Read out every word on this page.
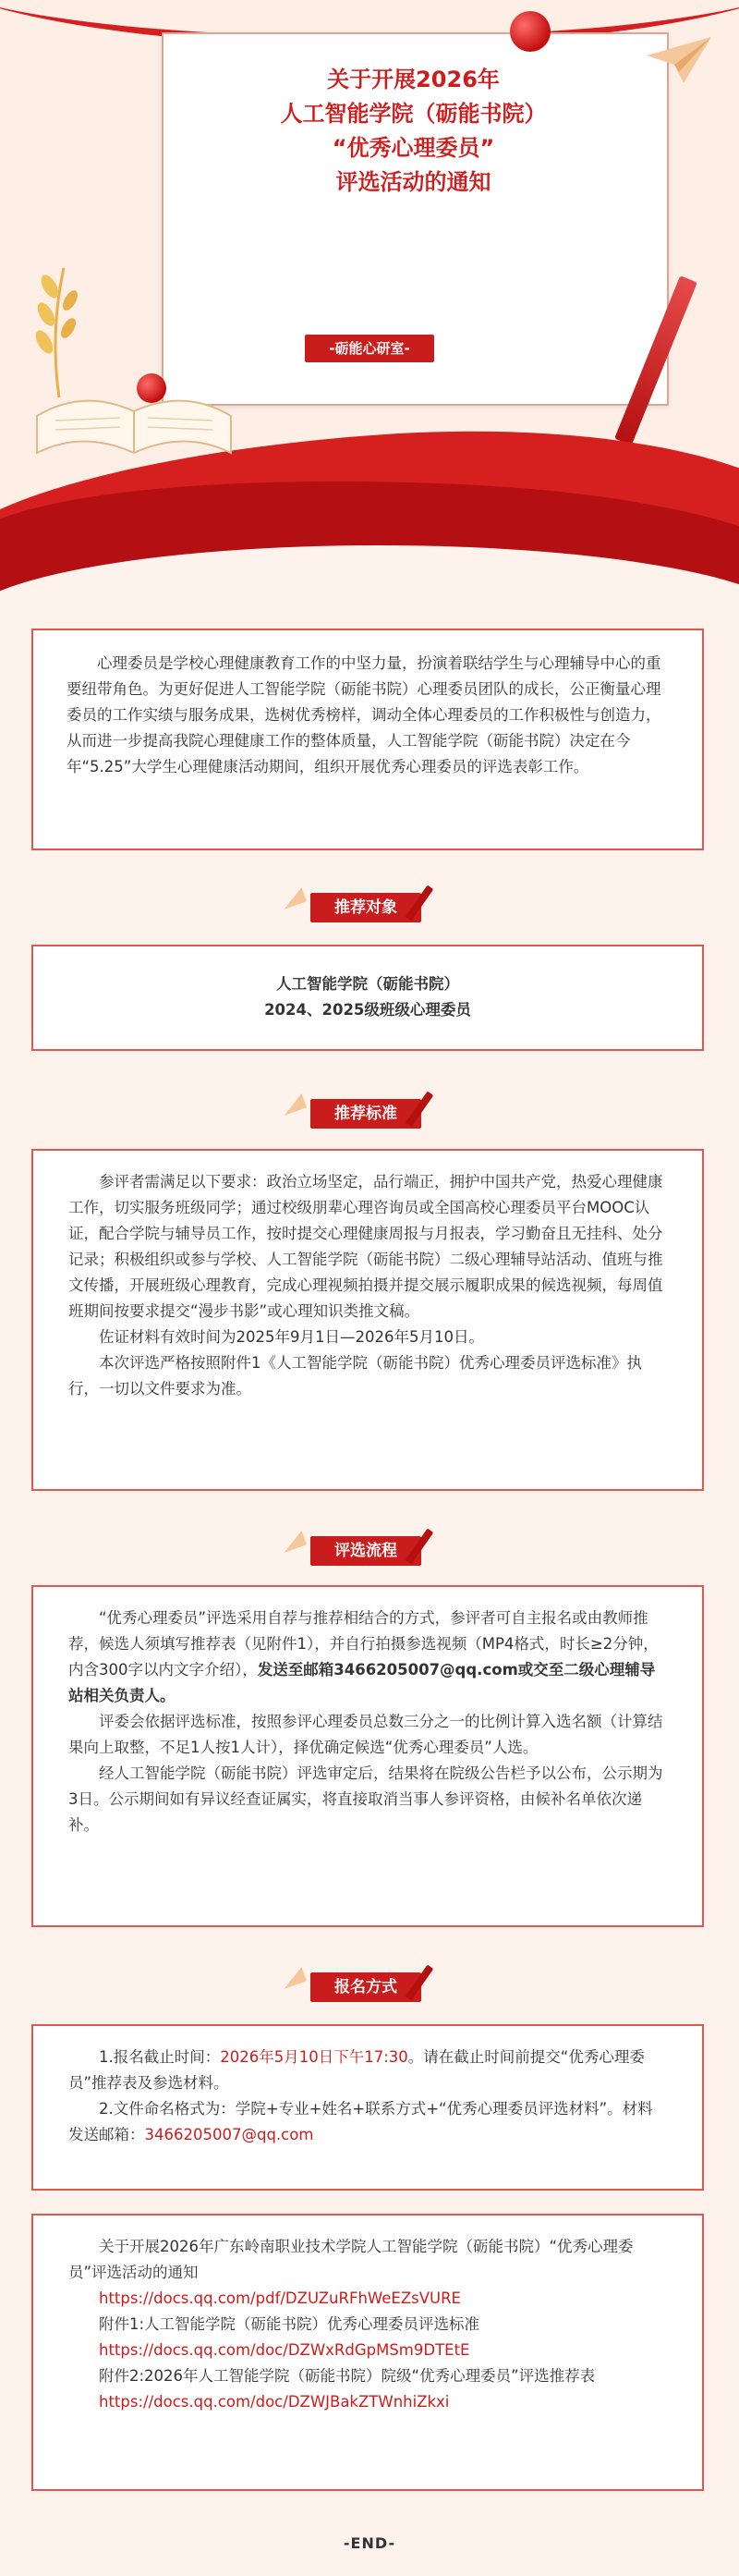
关于开展2026年
人工智能学院（砺能书院）
“优秀心理委员”
评选活动的通知
-砺能心研室-

心理委员是学校心理健康教育工作的中坚力量，扮演着联结学生与心理辅导中心的重要纽带角色。为更好促进人工智能学院（砺能书院）心理委员团队的成长，公正衡量心理委员的工作实绩与服务成果，选树优秀榜样，调动全体心理委员的工作积极性与创造力，从而进一步提高我院心理健康工作的整体质量，人工智能学院（砺能书院）决定在今年“5.25”大学生心理健康活动期间，组织开展优秀心理委员的评选表彰工作。

推荐对象

人工智能学院（砺能书院）

2024、2025级班级心理委员

推荐标准

参评者需满足以下要求：政治立场坚定，品行端正，拥护中国共产党，热爱心理健康工作，切实服务班级同学；通过校级朋辈心理咨询员或全国高校心理委员平台MOOC认证，配合学院与辅导员工作，按时提交心理健康周报与月报表，学习勤奋且无挂科、处分记录；积极组织或参与学校、人工智能学院（砺能书院）二级心理辅导站活动、值班与推文传播，开展班级心理教育，完成心理视频拍摄并提交展示履职成果的候选视频，每周值班期间按要求提交“漫步书影”或心理知识类推文稿。

佐证材料有效时间为2025年9月1日—2026年5月10日。

本次评选严格按照附件1《人工智能学院（砺能书院）优秀心理委员评选标准》执行，一切以文件要求为准。

评选流程

“优秀心理委员”评选采用自荐与推荐相结合的方式，参评者可自主报名或由教师推荐，候选人须填写推荐表（见附件1），并自行拍摄参选视频（MP4格式，时长≥2分钟，内含300字以内文字介绍），发送至邮箱3466205007@qq.com或交至二级心理辅导站相关负责人。

评委会依据评选标准，按照参评心理委员总数三分之一的比例计算入选名额（计算结果向上取整，不足1人按1人计），择优确定候选“优秀心理委员”人选。

经人工智能学院（砺能书院）评选审定后，结果将在院级公告栏予以公布，公示期为3日。公示期间如有异议经查证属实，将直接取消当事人参评资格，由候补名单依次递补。

报名方式

1.报名截止时间：2026年5月10日下午17:30。请在截止时间前提交“优秀心理委员”推荐表及参选材料。

2.文件命名格式为：学院+专业+姓名+联系方式+“优秀心理委员评选材料”。材料发送邮箱：3466205007@qq.com

关于开展2026年广东岭南职业技术学院人工智能学院（砺能书院）“优秀心理委员”评选活动的通知

https://docs.qq.com/pdf/DZUZuRFhWeEZsVURE

附件1:人工智能学院（砺能书院）优秀心理委员评选标准

https://docs.qq.com/doc/DZWxRdGpMSm9DTEtE

附件2:2026年人工智能学院（砺能书院）院级“优秀心理委员”评选推荐表

https://docs.qq.com/doc/DZWJBakZTWnhiZkxi

-END-
